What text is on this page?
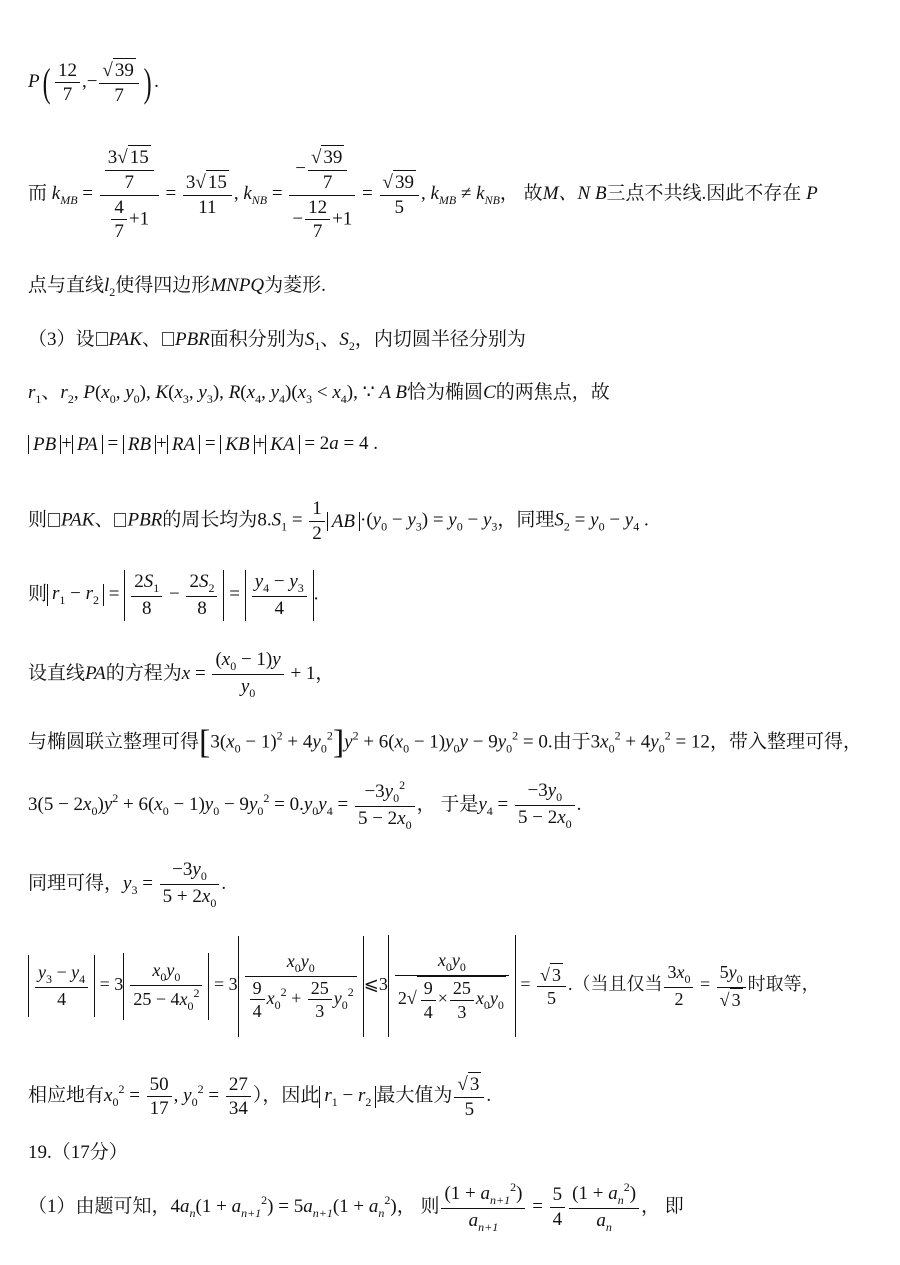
$P( \frac{12}{7}$ ,− $\frac{√ 39}{7}$ ) .
而 $k_{MB} = \frac{\frac{3√ 15}{7}}{\frac{4}{7} +1} = \frac{3√ 15}{11}$ , $k_{NB} = \frac{- \frac{√ 39}{7}}{- \frac{12}{7} +1} = \frac{√ 39}{5}$ , $k_{MB} \ne k_{NB}$， 故M、N B三点不共线.因此不存在 P
点与直线$l_2$使得四边形MNPQ为菱形.
（3）设 PAK、 PBR面积分别为$S_1$、$S_2$，内切圆半径分别为
$r_1$、$r_2$, $P(x_0$, $y_0$), $K(x_3$, $y_3$), $R(x_4$, $y_4)(x_3 < x_4)$, ∵ A B恰为椭圆C的两焦点，故
PB + PA = RB + RA = KB + KA = 2a = 4 .
则 PAK、 PBR的周长均为$8.S_1 = \frac{1}{2}$ AB $\cdot(y_0 - y_3) = y_0 - y_3$，同理$S_2 = y_0 - y_4$ .
则 $r_1 - r_2 = \frac{2S_1}{8} - \frac{2S_2}{8} = \frac{y_4 - y_3}{4}$ .
设直线PA的方程为$x = \frac{(x_0 - 1)y}{y_0} + 1$，
与椭圆联立整理可得$[3(x_0 - 1)^2 + 4y_0^2]y^2 + 6(x_0 - 1)y_0y - 9y_0^2 = 0$.由于$3x_0^2 + 4y_0^2 = 12$，带入整理可得，
$3(5 - 2x_0)y^2 + 6(x_0 - 1)y_0 - 9y_0^2 = 0.y_0y_4 = \frac{-3y_0^2}{5 - 2x_0}$ ， 于是$y_4 = \frac{-3y_0}{5 - 2x_0}$ .
同理可得，$y_3 = \frac{-3y_0}{5 + 2x_0}$ .
$\frac{y_3 - y_4}{4} = 3 \frac{x_0y_0}{25 - 4x_0^2} = 3 \frac{x_0y_0}{\frac{9}{4} x_0^2 + \frac{25}{3} y_0^2}$ ⩽3 $\frac{x_0y_0}{2√ \frac{9}{4} \times \frac{25}{3} x_0y_0} = \frac{√ 3}{5}$ .（当且仅当 $\frac{3x_0}{2} = \frac{5y_0}{√ 3}$ 时取等，
相应地有$x_0^2 = \frac{50}{17}$ , $y_0^2 = \frac{27}{34}$ ），因此 $r_1 - r_2$ 最大值为 $\frac{√ 3}{5}$ .
19.（17分）
（1）由题可知，$4a_n(1 + a_{n+1}^2) = 5a_{n+1}(1 + a_n^2)$， 则 $\frac{(1 + a_{n+1}^2)}{a_{n+1}} = \frac{5}{4} \frac{(1 + a_n^2)}{a_n}$ ， 即
